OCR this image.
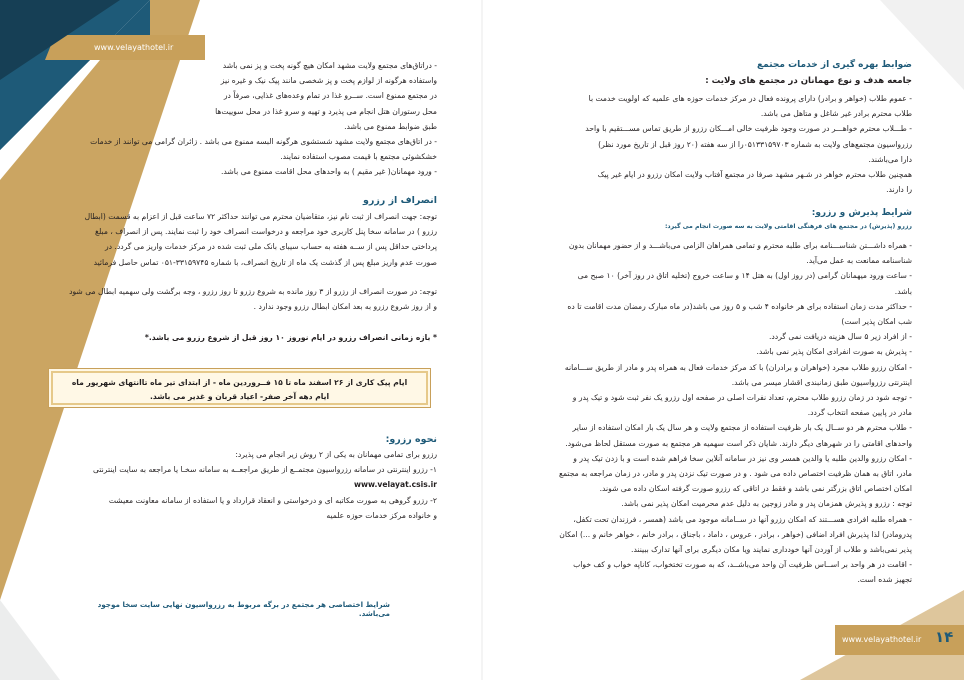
۱۵ www.velayathotel.ir
- دراتاق‌های مجتمع ولایت مشهد امکان هیچ گونه پخت و پز نمی باشد
واستفاده هرگونه از لوازم پخت و پز شخصی مانند پیک نیک و غیره نیز
در مجتمع ممنوع است. ســرو غذا در تمام وعده‌های غذایی، صرفاً در
محل رستوران هتل انجام می پذیرد و تهیه و سرو غذا در محل سوییت‌ها
طبق ضوابط ممنوع می باشد.
- در اتاق‌های مجتمع ولایت مشهد شستشوی هرگونه البسه ممنوع می باشد . زائران گرامی می توانند از خدمات
خشکشوئی مجتمع با قیمت مصوب استفاده نمایند.
- ورود مهمانان( غیر مقیم ) به واحدهای محل اقامت ممنوع می باشد.
انصراف از رزرو
توجه: جهت انصراف از ثبت نام نیز، متقاضیان محترم می توانند حداکثر ۷۲ ساعت قبل از اعزام به قسمت (ابطال
رزرو ) در سامانه سخا پنل کاربری خود مراجعه و درخواست انصراف خود را ثبت نمایند. پس از انصراف ، مبلغ
پرداختی حداقل پس از ســه هفته به حساب سیبای بانک ملی ثبت شده در مرکز خدمات واریز می گردد. در
صورت عدم واریز مبلغ پس از گذشت یک ماه از تاریخ انصراف، با شماره ۳۳۱۵۹۷۴۵-۰۵۱ تماس حاصل فرمائید
توجه: در صورت انصراف از رزرو از ۳ روز مانده به شروع رزرو تا روز رزرو ، وجه برگشت ولی سهمیه ابطال می شود
و از روز شروع رزرو به بعد امکان ابطال رزرو وجود ندارد .
* بازه زمانی انصراف رزرو در ایام نوروز ۱۰ روز قبل از شروع رزرو می باشد.*
ایام پیک کاری از ۲۶ اسفند ماه تا ۱۵ فــروردین ماه - از ابتدای تیر ماه تاانتهای شهریور ماه
ایام دهه آخر صفر- اعیاد قربان و غدیر می باشد.
نحوه رزرو:
رزرو برای تمامی مهمانان به یکی از ۲ روش زیر انجام می پذیرد:
۱- رزرو اینترنتی در سامانه رزرواسیون مجتمــع از طریق مراجعــه به سامانه سخـا یا مراجعه به سایت اینترنتی
www.velayat.csis.ir
۲- رزرو گروهی به صورت مکاتبه ای و درخواستی و انعقاد قرارداد و یا استفاده از سامانه معاونت معیشت
و خانواده مرکز خدمات حوزه علمیه
شرایط اختصاصی هر مجتمع در برگه مربوط به رزرواسیون نهایی سایت سخا موجود می‌باشد.
ضوابط بهره گیری از خدمات مجتمع
جامعه هدف و نوع مهمانان در مجتمع های ولایت :
- عموم طلاب (خواهر و برادر) دارای پرونده فعال در مرکز خدمات حوزه های علمیه که اولویت خدمت با
طلاب محترم برادر غیر شاغل و متاهل می باشد.
- طـــلاب محترم خواهـــر در صورت وجود ظرفیت خالی امـــکان رزرو از طریق تماس مســـتقیم با واحد
رزرواسیون مجتمع‌های ولایت به شماره ۰۵۱۳۳۱۵۹۷۰۳را از سه هفته (۲۰ روز قبل از تاریخ مورد نظر)
دارا می‌باشند.
همچنین طلاب محترم خواهر در شـهر مشهد صرفا در مجتمع آفتاب ولایت امکان رزرو در ایام غیر پیک
را دارند.
شرایط پذیرش و رزرو:
رزرو (پذیرش) در مجتمع های فرهنگی اقامتی ولایت به سه صورت انجام می گیرد:
- همراه داشـــتن شناســـنامه برای طلبه محترم و تمامی همراهان الزامی می‌باشـــد و از حضور مهمانان بدون
شناسنامه ممانعت به عمل می‌آید.
- ساعت ورود میهمانان گرامی (در روز اول) به هتل ۱۴ و ساعت خروج (تخلیه اتاق در روز آخر) ۱۰ صبح می
باشد.
- حداکثر مدت زمان استفاده برای هر خانواده ۴ شب و ۵ روز می باشد(در ماه مبارک رمضان مدت اقامت تا ده
شب امکان پذیر است)
- از افراد زیر ۵ سال هزینه دریافت نمی گردد.
- پذیرش به صورت انفرادی امکان پذیر نمی باشد.
- امکان رزرو طلاب مجرد (خواهران و برادران) با کد مرکز خدمات فعال به همراه پدر و مادر از طریق ســـامانه
اینترنتی رزرواسیون طبق زمانبندی اقشار میسر می باشد.
- توجه شود در زمان رزرو طلاب محترم، تعداد نفرات اصلی در صفحه اول رزرو یک نفر ثبت شود و تیک پدر و
مادر در پایین صفحه انتخاب گردد.
- طلاب محترم هر دو ســال یک بار ظرفیت استفاده از مجتمع ولایت و هر سال یک بار امکان استفاده از سایر
واحدهای اقامتی را در شهرهای دیگر دارند. شایان ذکر است سهمیه هر مجتمع به صورت مستقل لحاظ می‌شود.
- امکان رزرو والدین طلبه یا والدین همسر وی نیز در سامانه آنلاین سخا فراهم شده است و با زدن تیک پدر و
مادر، اتاق به همان ظرفیت اختصاص داده می شود . و در صورت تیک نزدن پدر و مادر، در زمان مراجعه به مجتمع
امکان اختصاص اتاق بزرگتر نمی باشد و فقط در اتاقی که رزرو صورت گرفته اسکان داده می شوند.
توجه : رزرو و پذیرش همزمان پدر و مادر زوجین به دلیل عدم محرمیت امکان پذیر نمی باشد.
- همراه طلبه افرادی هســـتند که امکان رزرو آنها در ســامانه موجود می باشد (همسر ، فرزندان تحت تکفل،
پدرومادر) لذا پذیرش افراد اضافی (خواهر ، برادر ، عروس ، داماد ، باجناق ، برادر خانم ، خواهر خانم و ...) امکان
پذیر نمی‌باشد و طلاب از آوردن آنها خودداری نمایند ویا مکان دیگری برای آنها تدارک ببینند.
- اقامت در هر واحد بر اســاس ظرفیت آن واحد می‌باشــد، که به صورت تختخواب، کاناپه خواب و کف خواب
تجهیز شده است.
www.velayathotel.ir ۱۴
